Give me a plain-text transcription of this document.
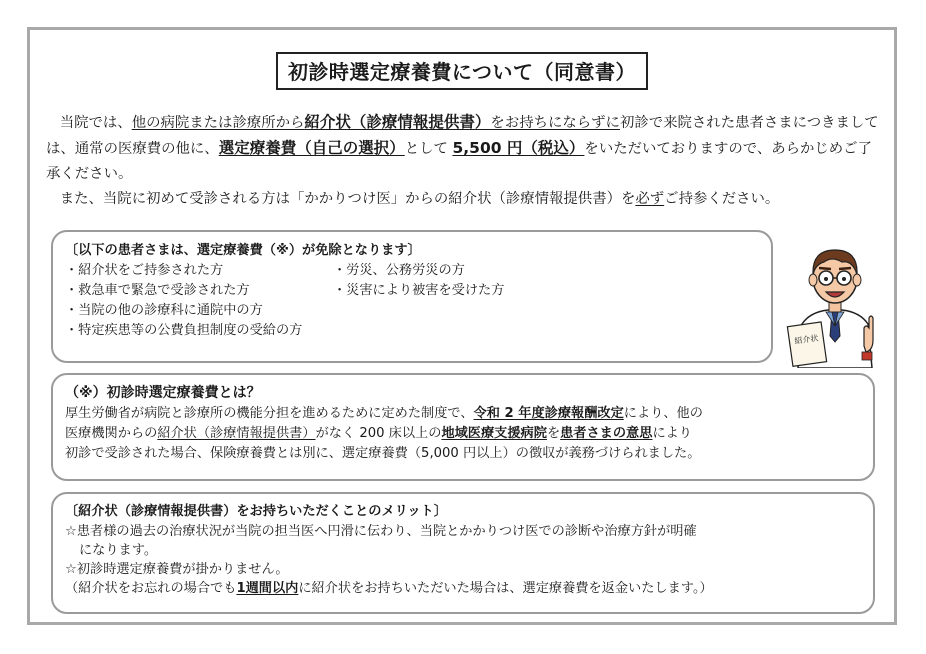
初診時選定療養費について（同意書）

当院では、他の病院または診療所から紹介状（診療情報提供書）をお持ちにならずに初診で来院された患者さまにつきましては、通常の医療費の他に、選定療養費（自己の選択）として 5,500 円（税込）をいただいておりますので、あらかじめご了承ください。

また、当院に初めて受診される方は「かかりつけ医」からの紹介状（診療情報提供書）を必ずご持参ください。

〔以下の患者さまは、選定療養費（※）が免除となります〕
・紹介状をご持参された方
・救急車で緊急で受診された方
・当院の他の診療科に通院中の方
・特定疾患等の公費負担制度の受給の方
・労災、公務労災の方
・災害により被害を受けた方
紹介状
（※）初診時選定療養費とは？
厚生労働省が病院と診療所の機能分担を進めるために定めた制度で、令和 2 年度診療報酬改定により、他の
医療機関からの紹介状（診療情報提供書）がなく 200 床以上の地域医療支援病院を患者さまの意思により
初診で受診された場合、保険療養費とは別に、選定療養費（5,000 円以上）の徴収が義務づけられました。
〔紹介状（診療情報提供書）をお持ちいただくことのメリット〕
☆患者様の過去の治療状況が当院の担当医へ円滑に伝わり、当院とかかりつけ医での診断や治療方針が明確
になります。
☆初診時選定療養費が掛かりません。
（紹介状をお忘れの場合でも1週間以内に紹介状をお持ちいただいた場合は、選定療養費を返金いたします。）
